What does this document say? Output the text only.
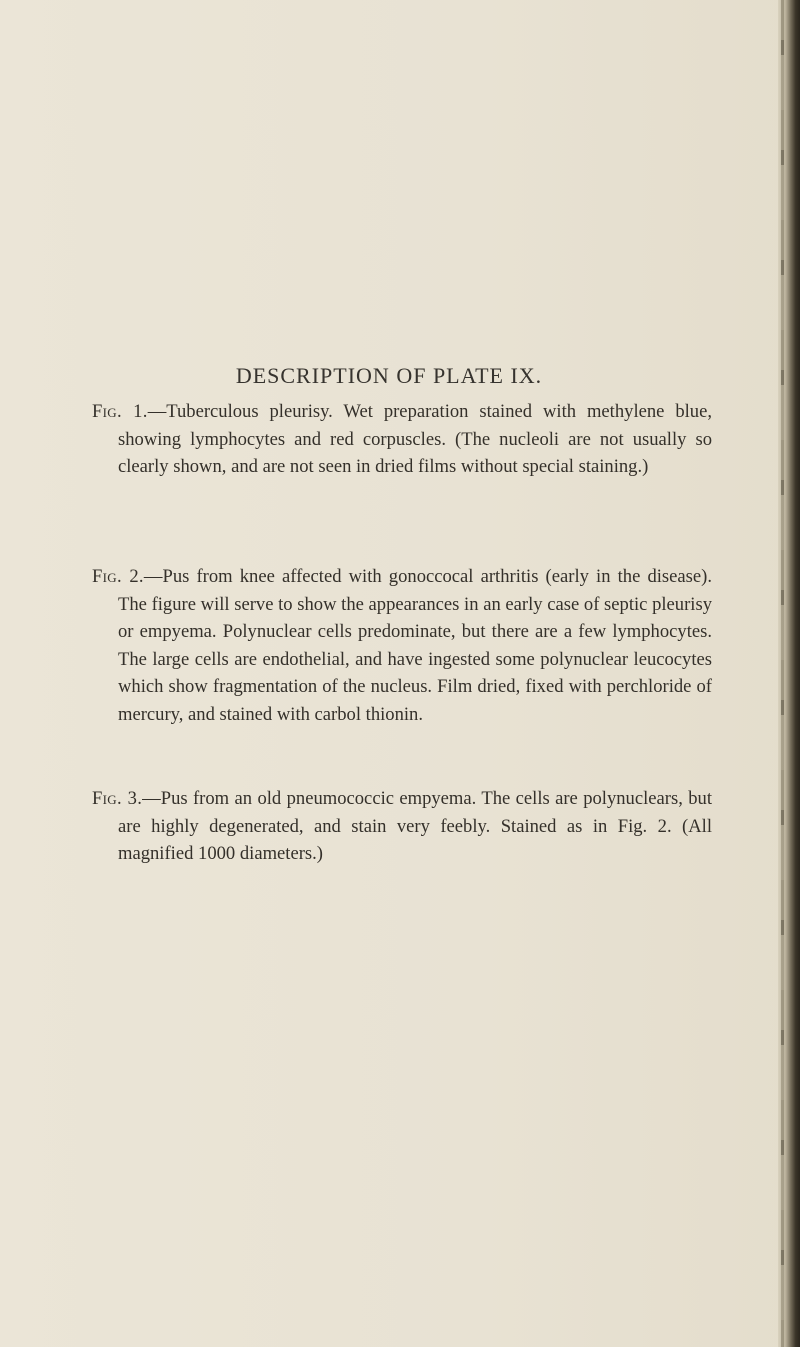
DESCRIPTION OF PLATE IX.
Fig. 1.—Tuberculous pleurisy. Wet preparation stained with methylene blue, showing lymphocytes and red corpuscles. (The nucleoli are not usually so clearly shown, and are not seen in dried films without special staining.)
Fig. 2.—Pus from knee affected with gonoccocal arthritis (early in the disease). The figure will serve to show the appearances in an early case of septic pleurisy or empyema. Polynuclear cells predominate, but there are a few lymphocytes. The large cells are endothelial, and have ingested some polynuclear leucocytes which show fragmentation of the nucleus. Film dried, fixed with perchloride of mercury, and stained with carbol thionin.
Fig. 3.—Pus from an old pneumococcic empyema. The cells are polynuclears, but are highly degenerated, and stain very feebly. Stained as in Fig. 2. (All magnified 1000 diameters.)
